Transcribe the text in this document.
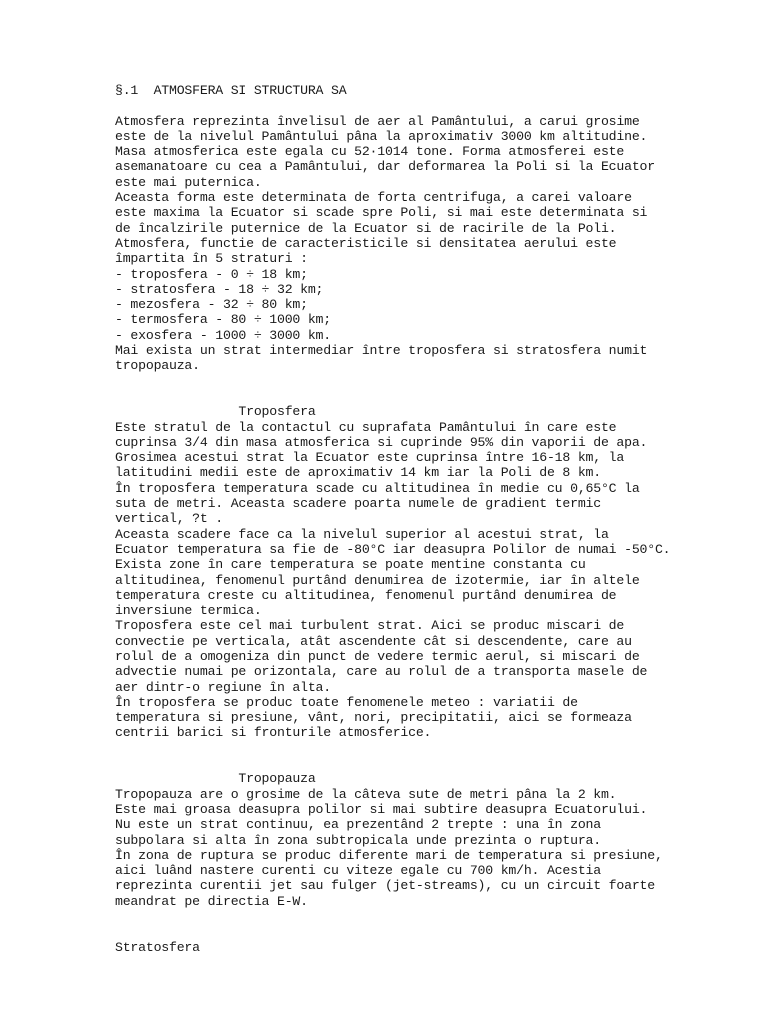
§.1  ATMOSFERA SI STRUCTURA SA
Atmosfera reprezinta învelisul de aer al Pamântului, a carui grosime
este de la nivelul Pamântului pâna la aproximativ 3000 km altitudine.
Masa atmosferica este egala cu 52·1014 tone. Forma atmosferei este
asemanatoare cu cea a Pamântului, dar deformarea la Poli si la Ecuator
este mai puternica.
Aceasta forma este determinata de forta centrifuga, a carei valoare
este maxima la Ecuator si scade spre Poli, si mai este determinata si
de încalzirile puternice de la Ecuator si de racirile de la Poli.
Atmosfera, functie de caracteristicile si densitatea aerului este
împartita în 5 straturi :
- troposfera - 0 ÷ 18 km;
- stratosfera - 18 ÷ 32 km;
- mezosfera - 32 ÷ 80 km;
- termosfera - 80 ÷ 1000 km;
- exosfera - 1000 ÷ 3000 km.
Mai exista un strat intermediar între troposfera si stratosfera numit
tropopauza.
Troposfera
Este stratul de la contactul cu suprafata Pamântului în care este
cuprinsa 3/4 din masa atmosferica si cuprinde 95% din vaporii de apa.
Grosimea acestui strat la Ecuator este cuprinsa între 16-18 km, la
latitudini medii este de aproximativ 14 km iar la Poli de 8 km.
În troposfera temperatura scade cu altitudinea în medie cu 0,65°C la
suta de metri. Aceasta scadere poarta numele de gradient termic
vertical, ?t .
Aceasta scadere face ca la nivelul superior al acestui strat, la
Ecuator temperatura sa fie de -80°C iar deasupra Polilor de numai -50°C.
Exista zone în care temperatura se poate mentine constanta cu
altitudinea, fenomenul purtând denumirea de izotermie, iar în altele
temperatura creste cu altitudinea, fenomenul purtând denumirea de
inversiune termica.
Troposfera este cel mai turbulent strat. Aici se produc miscari de
convectie pe verticala, atât ascendente cât si descendente, care au
rolul de a omogeniza din punct de vedere termic aerul, si miscari de
advectie numai pe orizontala, care au rolul de a transporta masele de
aer dintr-o regiune în alta.
În troposfera se produc toate fenomenele meteo : variatii de
temperatura si presiune, vânt, nori, precipitatii, aici se formeaza
centrii barici si fronturile atmosferice.
Tropopauza
Tropopauza are o grosime de la câteva sute de metri pâna la 2 km.
Este mai groasa deasupra polilor si mai subtire deasupra Ecuatorului.
Nu este un strat continuu, ea prezentând 2 trepte : una în zona
subpolara si alta în zona subtropicala unde prezinta o ruptura.
În zona de ruptura se produc diferente mari de temperatura si presiune,
aici luând nastere curenti cu viteze egale cu 700 km/h. Acestia
reprezinta curentii jet sau fulger (jet-streams), cu un circuit foarte
meandrat pe directia E-W.
Stratosfera
